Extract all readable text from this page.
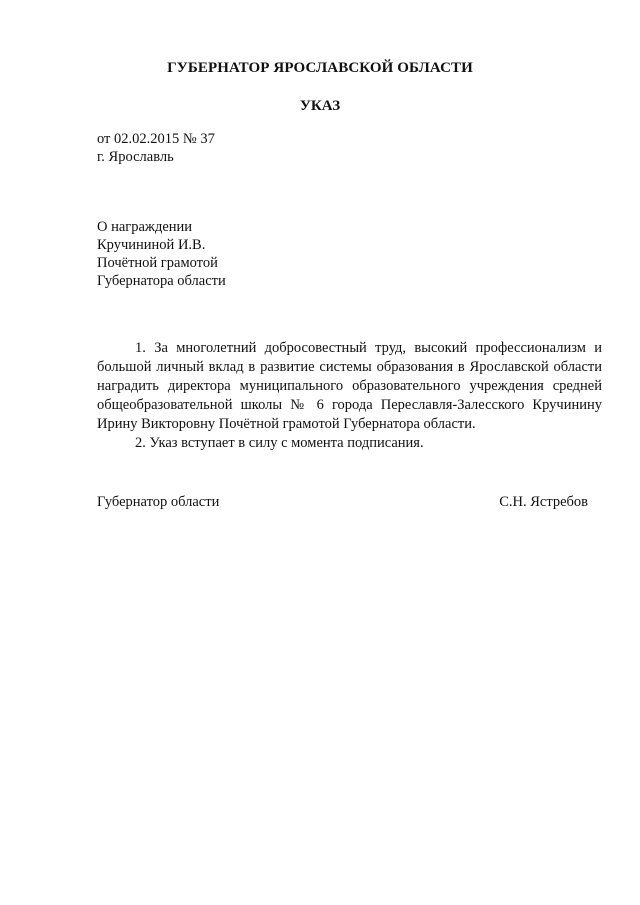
ГУБЕРНАТОР ЯРОСЛАВСКОЙ ОБЛАСТИ
УКАЗ
от 02.02.2015 № 37
г. Ярославль
О награждении
Кручининой И.В.
Почётной грамотой
Губернатора области

1. За многолетний добросовестный труд, высокий профессионализм и большой личный вклад в развитие системы образования в Ярославской области наградить директора муниципального образовательного учреждения средней общеобразовательной школы № 6 города Переславля-Залесского Кручинину Ирину Викторовну Почётной грамотой Губернатора области.

2. Указ вступает в силу с момента подписания.

Губернатор области	С.Н. Ястребов
